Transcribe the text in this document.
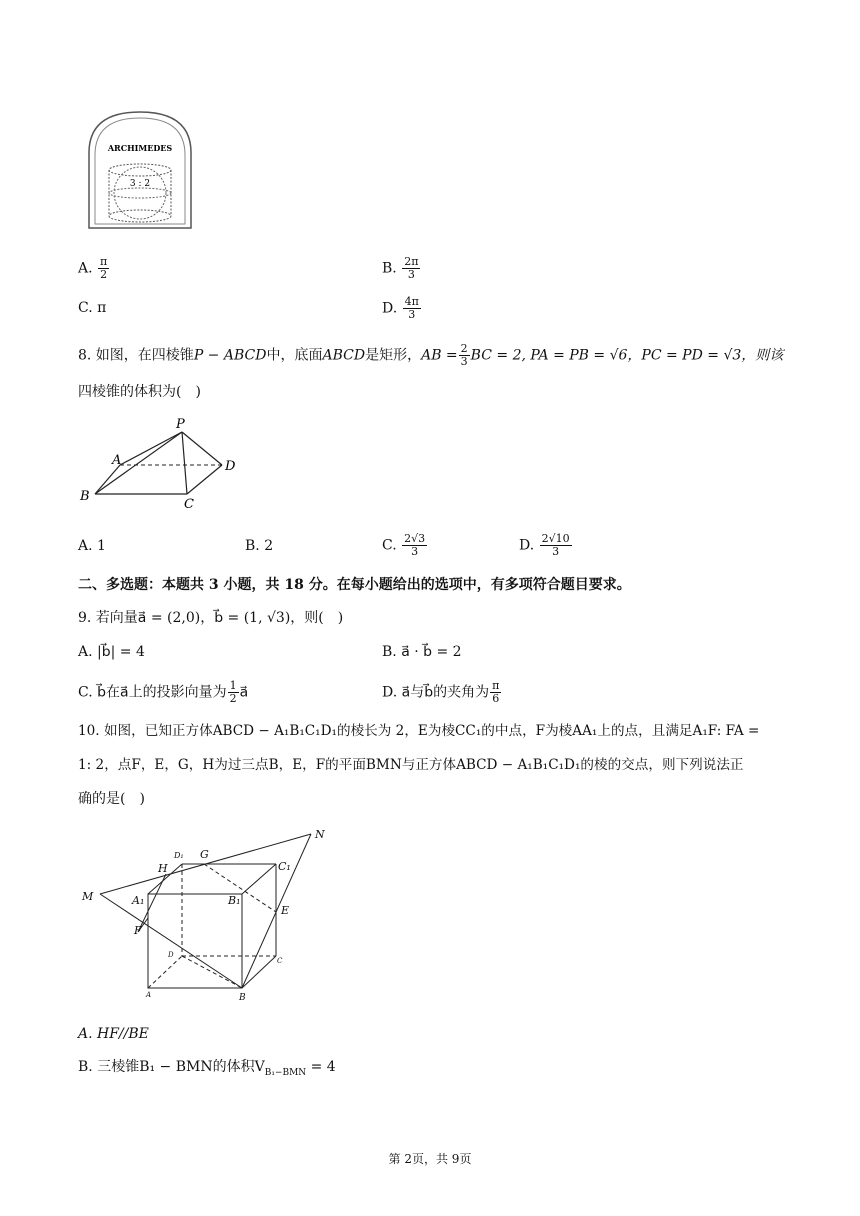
ARCHIMEDES
3 : 2
A. $\frac{\pi}{2}$	B. $\frac{2\pi}{3}$
C. π	D. $\frac{4\pi}{3}$
8. 如图，在四棱锥P − ABCD中，底面ABCD是矩形，AB = $\frac{2}{3}$ BC = 2, PA = PB = √6，PC = PD = √3，则该
四棱锥的体积为(　)
P
A
B
C
D
A. 1	B. 2	C. $\frac{2√3}{3}$	D. $\frac{2√10}{3}$
二、多选题：本题共 3 小题，共 18 分。在每小题给出的选项中，有多项符合题目要求。
9. 若向量a⃗ = (2,0)，b⃗ = (1, √3)，则(　)
A. |b⃗| = 4	B. a⃗ · b⃗ = 2
C. b⃗在a⃗上的投影向量为 $\frac{1}{2}$ a⃗	D. a⃗与b⃗的夹角为 $\frac{\pi}{6}$
10. 如图，已知正方体ABCD − A₁B₁C₁D₁的棱长为 2，E为棱CC₁的中点，F为棱AA₁上的点，且满足A₁F: FA =
1: 2，点F，E，G，H为过三点B，E，F的平面BMN与正方体ABCD − A₁B₁C₁D₁的棱的交点，则下列说法正
确的是(　)
N
D₁ G
H	C₁
M	A₁	B₁
E
F
D
C
A	B
A. HF//BE
B. 三棱锥B₁ − BMN的体积$V_{B_1-BMN} = 4$
第 2页，共 9页
